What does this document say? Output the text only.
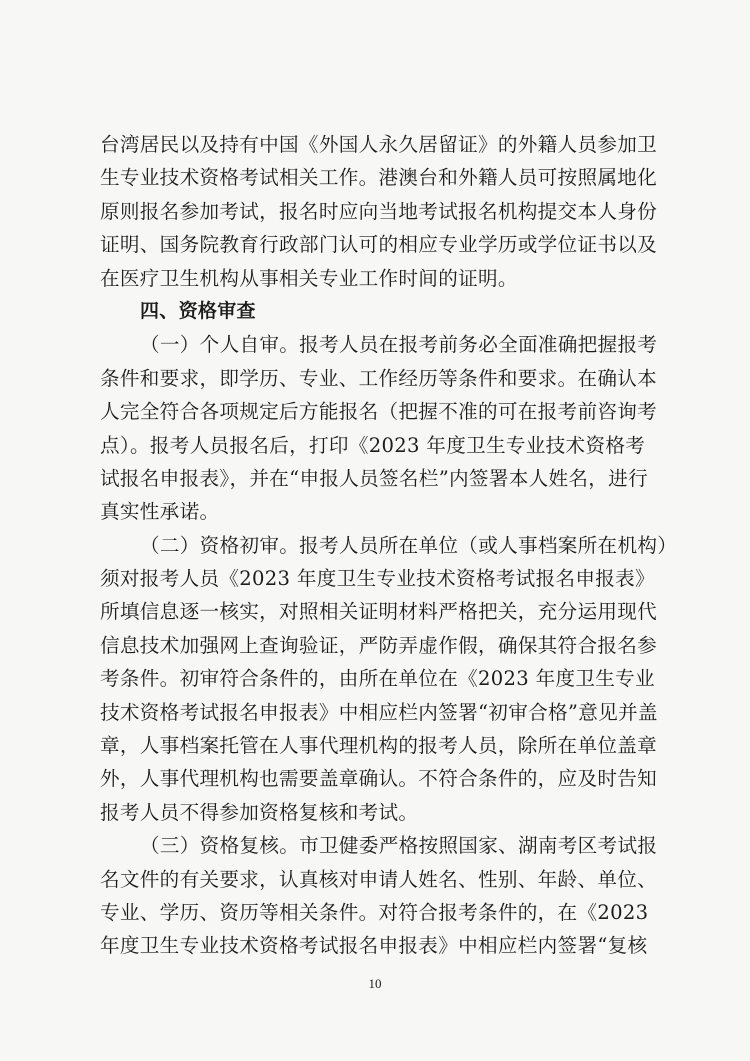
台湾居民以及持有中国《外国人永久居留证》的外籍人员参加卫
生专业技术资格考试相关工作。港澳台和外籍人员可按照属地化
原则报名参加考试，报名时应向当地考试报名机构提交本人身份
证明、国务院教育行政部门认可的相应专业学历或学位证书以及
在医疗卫生机构从事相关专业工作时间的证明。
四、资格审查
（一）个人自审。报考人员在报考前务必全面准确把握报考
条件和要求，即学历、专业、工作经历等条件和要求。在确认本
人完全符合各项规定后方能报名（把握不准的可在报考前咨询考
点）。报考人员报名后，打印《2023 年度卫生专业技术资格考
试报名申报表》，并在“申报人员签名栏”内签署本人姓名，进行
真实性承诺。
（二）资格初审。报考人员所在单位（或人事档案所在机构）
须对报考人员《2023 年度卫生专业技术资格考试报名申报表》
所填信息逐一核实，对照相关证明材料严格把关，充分运用现代
信息技术加强网上查询验证，严防弄虚作假，确保其符合报名参
考条件。初审符合条件的，由所在单位在《2023 年度卫生专业
技术资格考试报名申报表》中相应栏内签署“初审合格”意见并盖
章，人事档案托管在人事代理机构的报考人员，除所在单位盖章
外，人事代理机构也需要盖章确认。不符合条件的，应及时告知
报考人员不得参加资格复核和考试。
（三）资格复核。市卫健委严格按照国家、湖南考区考试报
名文件的有关要求，认真核对申请人姓名、性别、年龄、单位、
专业、学历、资历等相关条件。对符合报考条件的，在《2023
年度卫生专业技术资格考试报名申报表》中相应栏内签署“复核
10
